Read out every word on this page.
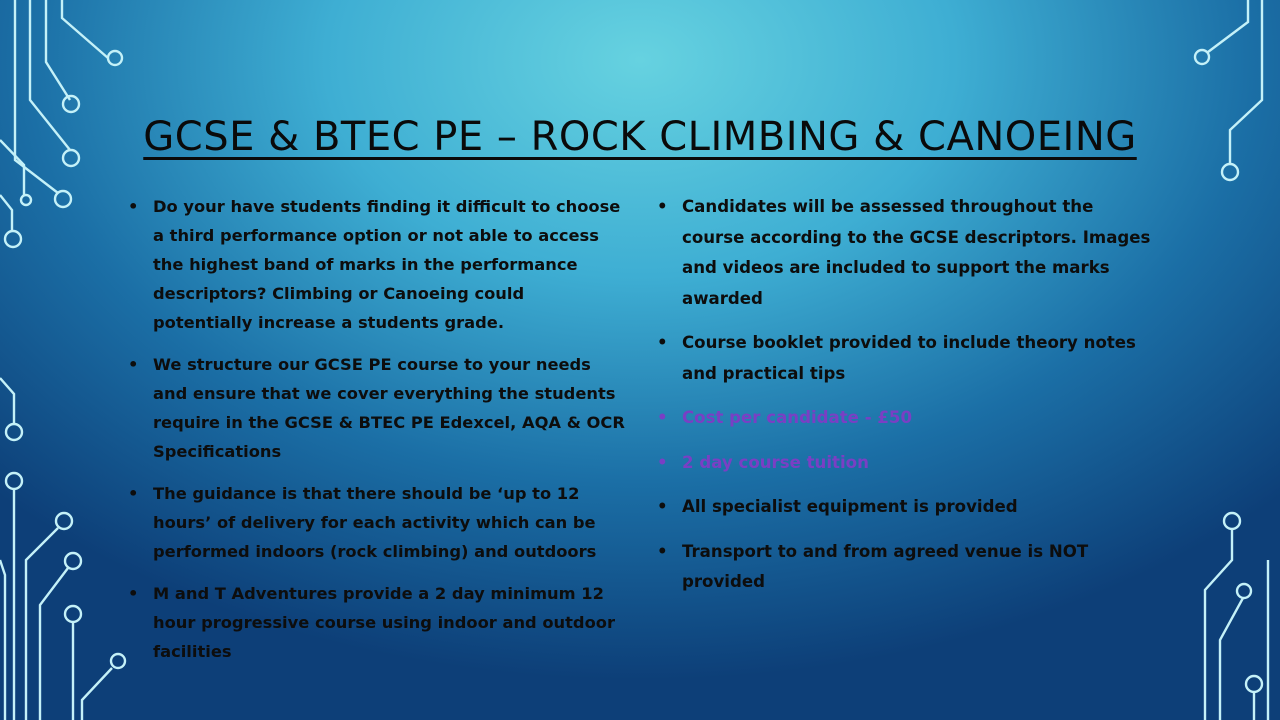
GCSE & BTEC PE – ROCK CLIMBING & CANOEING
• Do your have students finding it difficult to choose a third performance option or not able to access the highest band of marks in the performance descriptors? Climbing or Canoeing could potentially increase a students grade.
• We structure our GCSE PE course to your needs and ensure that we cover everything the students require in the GCSE & BTEC PE Edexcel, AQA & OCR Specifications
• The guidance is that there should be ‘up to 12 hours’ of delivery for each activity which can be performed indoors (rock climbing) and outdoors
• M and T Adventures provide a 2 day minimum 12 hour progressive course using indoor and outdoor facilities
• Candidates will be assessed throughout the course according to the GCSE descriptors. Images and videos are included to support the marks awarded
• Course booklet provided to include theory notes and practical tips
• Cost per candidate - £50
• 2 day course tuition
• All specialist equipment is provided
• Transport to and from agreed venue is NOT provided
